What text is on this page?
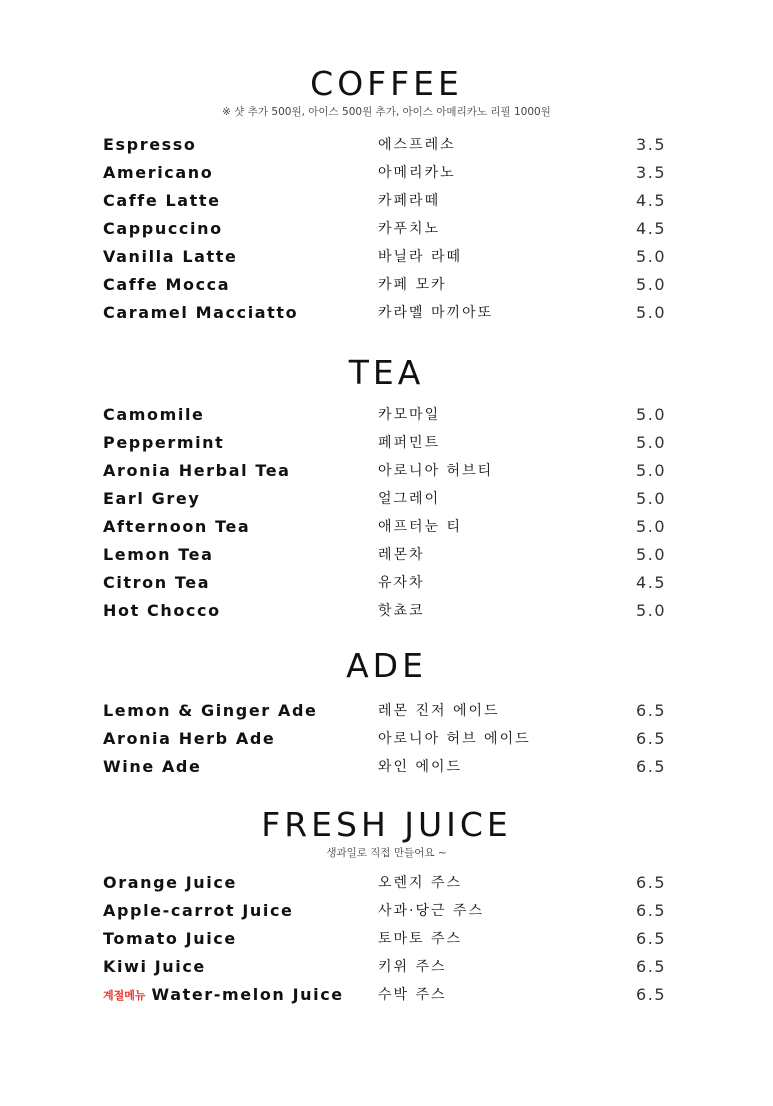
COFFEE
※ 샷 추가 500원, 아이스 500원 추가, 아이스 아메리카노 리필 1000원
Espresso	에스프레소	3.5
Americano	아메리카노	3.5
Caffe Latte	카페라떼	4.5
Cappuccino	카푸치노	4.5
Vanilla Latte	바닐라 라떼	5.0
Caffe Mocca	카페 모카	5.0
Caramel Macciatto	카라멜 마끼아또	5.0
TEA
Camomile	카모마일	5.0
Peppermint	페퍼민트	5.0
Aronia Herbal Tea	아로니아 허브티	5.0
Earl Grey	얼그레이	5.0
Afternoon Tea	애프터눈 티	5.0
Lemon Tea	레몬차	5.0
Citron Tea	유자차	4.5
Hot Chocco	핫쵸코	5.0
ADE
Lemon & Ginger Ade	레몬 진저 에이드	6.5
Aronia Herb Ade	아로니아 허브 에이드	6.5
Wine Ade	와인 에이드	6.5
FRESH JUICE
생과일로 직접 만들어요 ~
Orange Juice	오렌지 주스	6.5
Apple-carrot Juice	사과·당근 주스	6.5
Tomato Juice	토마토 주스	6.5
Kiwi Juice	키위 주스	6.5
계절메뉴 Water-melon Juice 수박 주스	6.5
